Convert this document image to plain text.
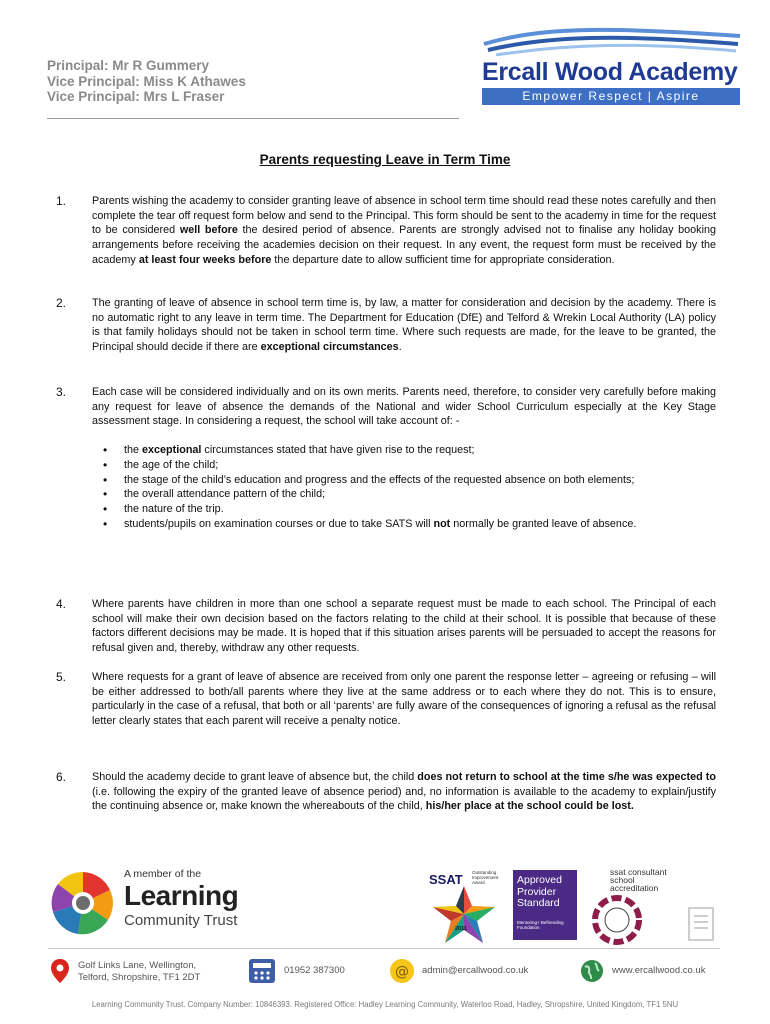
Principal: Mr R Gummery
Vice Principal: Miss K Athawes
Vice Principal: Mrs L Fraser
Ercall Wood Academy
Empower Respect | Aspire
Parents requesting Leave in Term Time
1. Parents wishing the academy to consider granting leave of absence in school term time should read these notes carefully and then complete the tear off request form below and send to the Principal. This form should be sent to the academy in time for the request to be considered well before the desired period of absence. Parents are strongly advised not to finalise any holiday booking arrangements before receiving the academies decision on their request. In any event, the request form must be received by the academy at least four weeks before the departure date to allow sufficient time for appropriate consideration.
2. The granting of leave of absence in school term time is, by law, a matter for consideration and decision by the academy. There is no automatic right to any leave in term time. The Department for Education (DfE) and Telford & Wrekin Local Authority (LA) policy is that family holidays should not be taken in school term time. Where such requests are made, for the leave to be granted, the Principal should decide if there are exceptional circumstances.
3. Each case will be considered individually and on its own merits. Parents need, therefore, to consider very carefully before making any request for leave of absence the demands of the National and wider School Curriculum especially at the Key Stage assessment stage. In considering a request, the school will take account of: -
• the exceptional circumstances stated that have given rise to the request;
• the age of the child;
• the stage of the child’s education and progress and the effects of the requested absence on both elements;
• the overall attendance pattern of the child;
• the nature of the trip.
• students/pupils on examination courses or due to take SATS will not normally be granted leave of absence.
4. Where parents have children in more than one school a separate request must be made to each school. The Principal of each school will make their own decision based on the factors relating to the child at their school. It is possible that because of these factors different decisions may be made. It is hoped that if this situation arises parents will be persuaded to accept the reasons for refusal given and, thereby, withdraw any other requests.
5. Where requests for a grant of leave of absence are received from only one parent the response letter – agreeing or refusing – will be either addressed to both/all parents where they live at the same address or to each where they do not. This is to ensure, particularly in the case of a refusal, that both or all ‘parents’ are fully aware of the consequences of ignoring a refusal as the refusal letter clearly states that each parent will receive a penalty notice.
6. Should the academy decide to grant leave of absence but, the child does not return to school at the time s/he was expected to (i.e. following the expiry of the granted leave of absence period) and, no information is available to the academy to explain/justify the continuing absence or, make known the whereabouts of the child, his/her place at the school could be lost.
A member of the
Learning
Community Trust
SSAT Outstanding Improvement Award
2011
Approved Provider Standard
Mentoring+ Befriending Foundation
ssat consultant school accreditation
Golf Links Lane, Wellington, Telford, Shropshire, TF1 2DT
01952 387300	@ admin@ercallwood.co.uk	www.ercallwood.co.uk
Learning Community Trust. Company Number: 10846393. Registered Office: Hadley Learning Community, Waterloo Road, Hadley, Shropshire, United Kingdom, TF1 5NU
